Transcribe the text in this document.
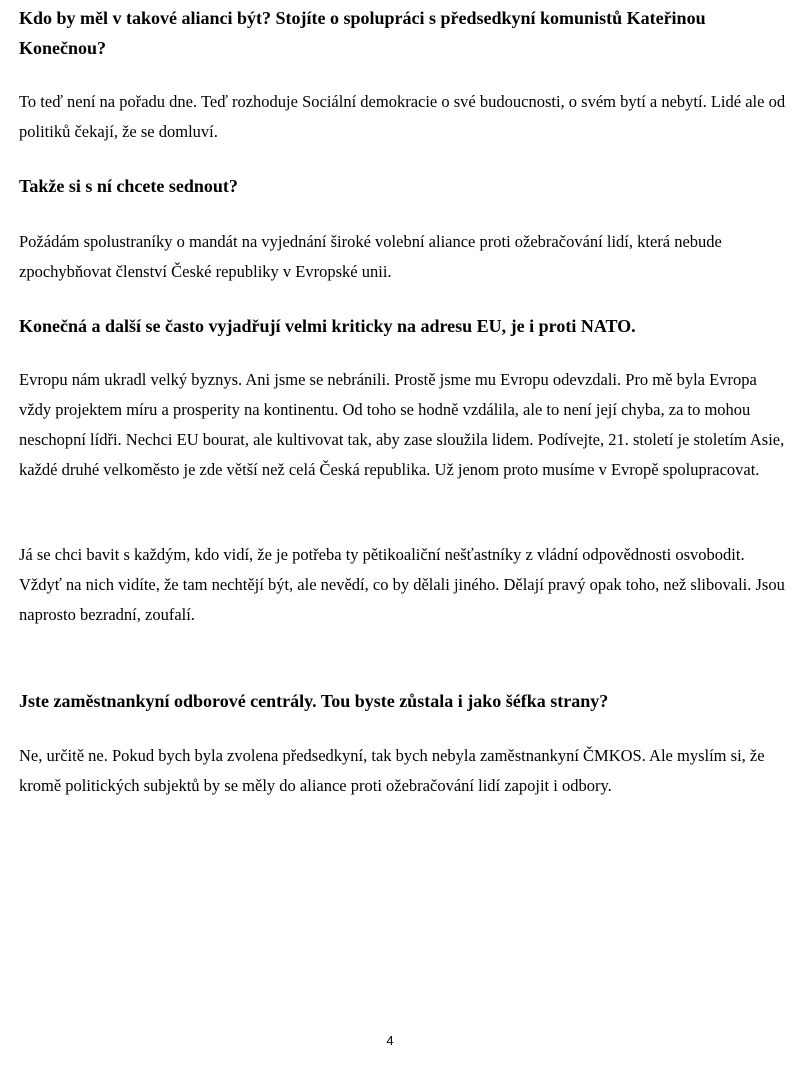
Kdo by měl v takové alianci být? Stojíte o spolupráci s předsedkyní komunistů Kateřinou Konečnou?

To teď není na pořadu dne. Teď rozhoduje Sociální demokracie o své budoucnosti, o svém bytí a nebytí. Lidé ale od politiků čekají, že se domluví.

Takže si s ní chcete sednout?

Požádám spolustraníky o mandát na vyjednání široké volební aliance proti ožebračování lidí, která nebude zpochybňovat členství České republiky v Evropské unii.

Konečná a další se často vyjadřují velmi kriticky na adresu EU, je i proti NATO.

Evropu nám ukradl velký byznys. Ani jsme se nebránili. Prostě jsme mu Evropu odevzdali. Pro mě byla Evropa vždy projektem míru a prosperity na kontinentu. Od toho se hodně vzdálila, ale to není její chyba, za to mohou neschopní lídři. Nechci EU bourat, ale kultivovat tak, aby zase sloužila lidem. Podívejte, 21. století je stoletím Asie, každé druhé velkoměsto je zde větší než celá Česká republika. Už jenom proto musíme v Evropě spolupracovat.

Já se chci bavit s každým, kdo vidí, že je potřeba ty pětikoaliční nešťastníky z vládní odpovědnosti osvobodit. Vždyť na nich vidíte, že tam nechtějí být, ale nevědí, co by dělali jiného. Dělají pravý opak toho, než slibovali. Jsou naprosto bezradní, zoufalí.

Jste zaměstnankyní odborové centrály. Tou byste zůstala i jako šéfka strany?

Ne, určitě ne. Pokud bych byla zvolena předsedkyní, tak bych nebyla zaměstnankyní ČMKOS. Ale myslím si, že kromě politických subjektů by se měly do aliance proti ožebračování lidí zapojit i odbory.

4
